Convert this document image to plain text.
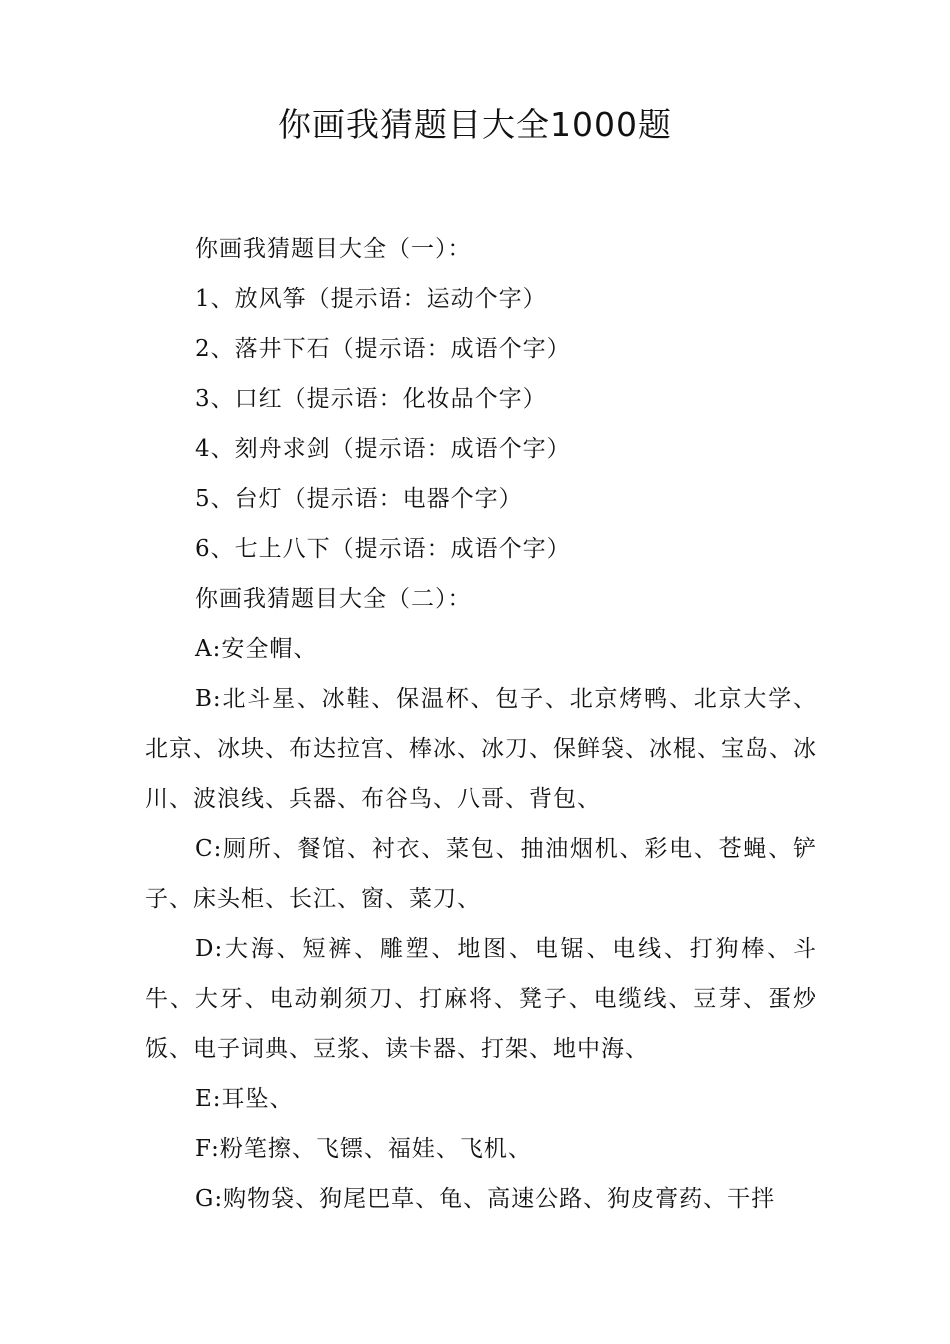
你画我猜题目大全1000题

你画我猜题目大全（一）：

1、放风筝（提示语：运动个字）

2、落井下石（提示语：成语个字）

3、口红（提示语：化妆品个字）

4、刻舟求剑（提示语：成语个字）

5、台灯（提示语：电器个字）

6、七上八下（提示语：成语个字）

你画我猜题目大全（二）：

A:安全帽、

B:北斗星、冰鞋、保温杯、包子、北京烤鸭、北京大学、北京、冰块、布达拉宫、棒冰、冰刀、保鲜袋、冰棍、宝岛、冰川、波浪线、兵器、布谷鸟、八哥、背包、

C:厕所、餐馆、衬衣、菜包、抽油烟机、彩电、苍蝇、铲子、床头柜、长江、窗、菜刀、

D:大海、短裤、雕塑、地图、电锯、电线、打狗棒、斗牛、大牙、电动剃须刀、打麻将、凳子、电缆线、豆芽、蛋炒饭、电子词典、豆浆、读卡器、打架、地中海、

E:耳坠、

F:粉笔擦、飞镖、福娃、飞机、

G:购物袋、狗尾巴草、龟、高速公路、狗皮膏药、干拌
